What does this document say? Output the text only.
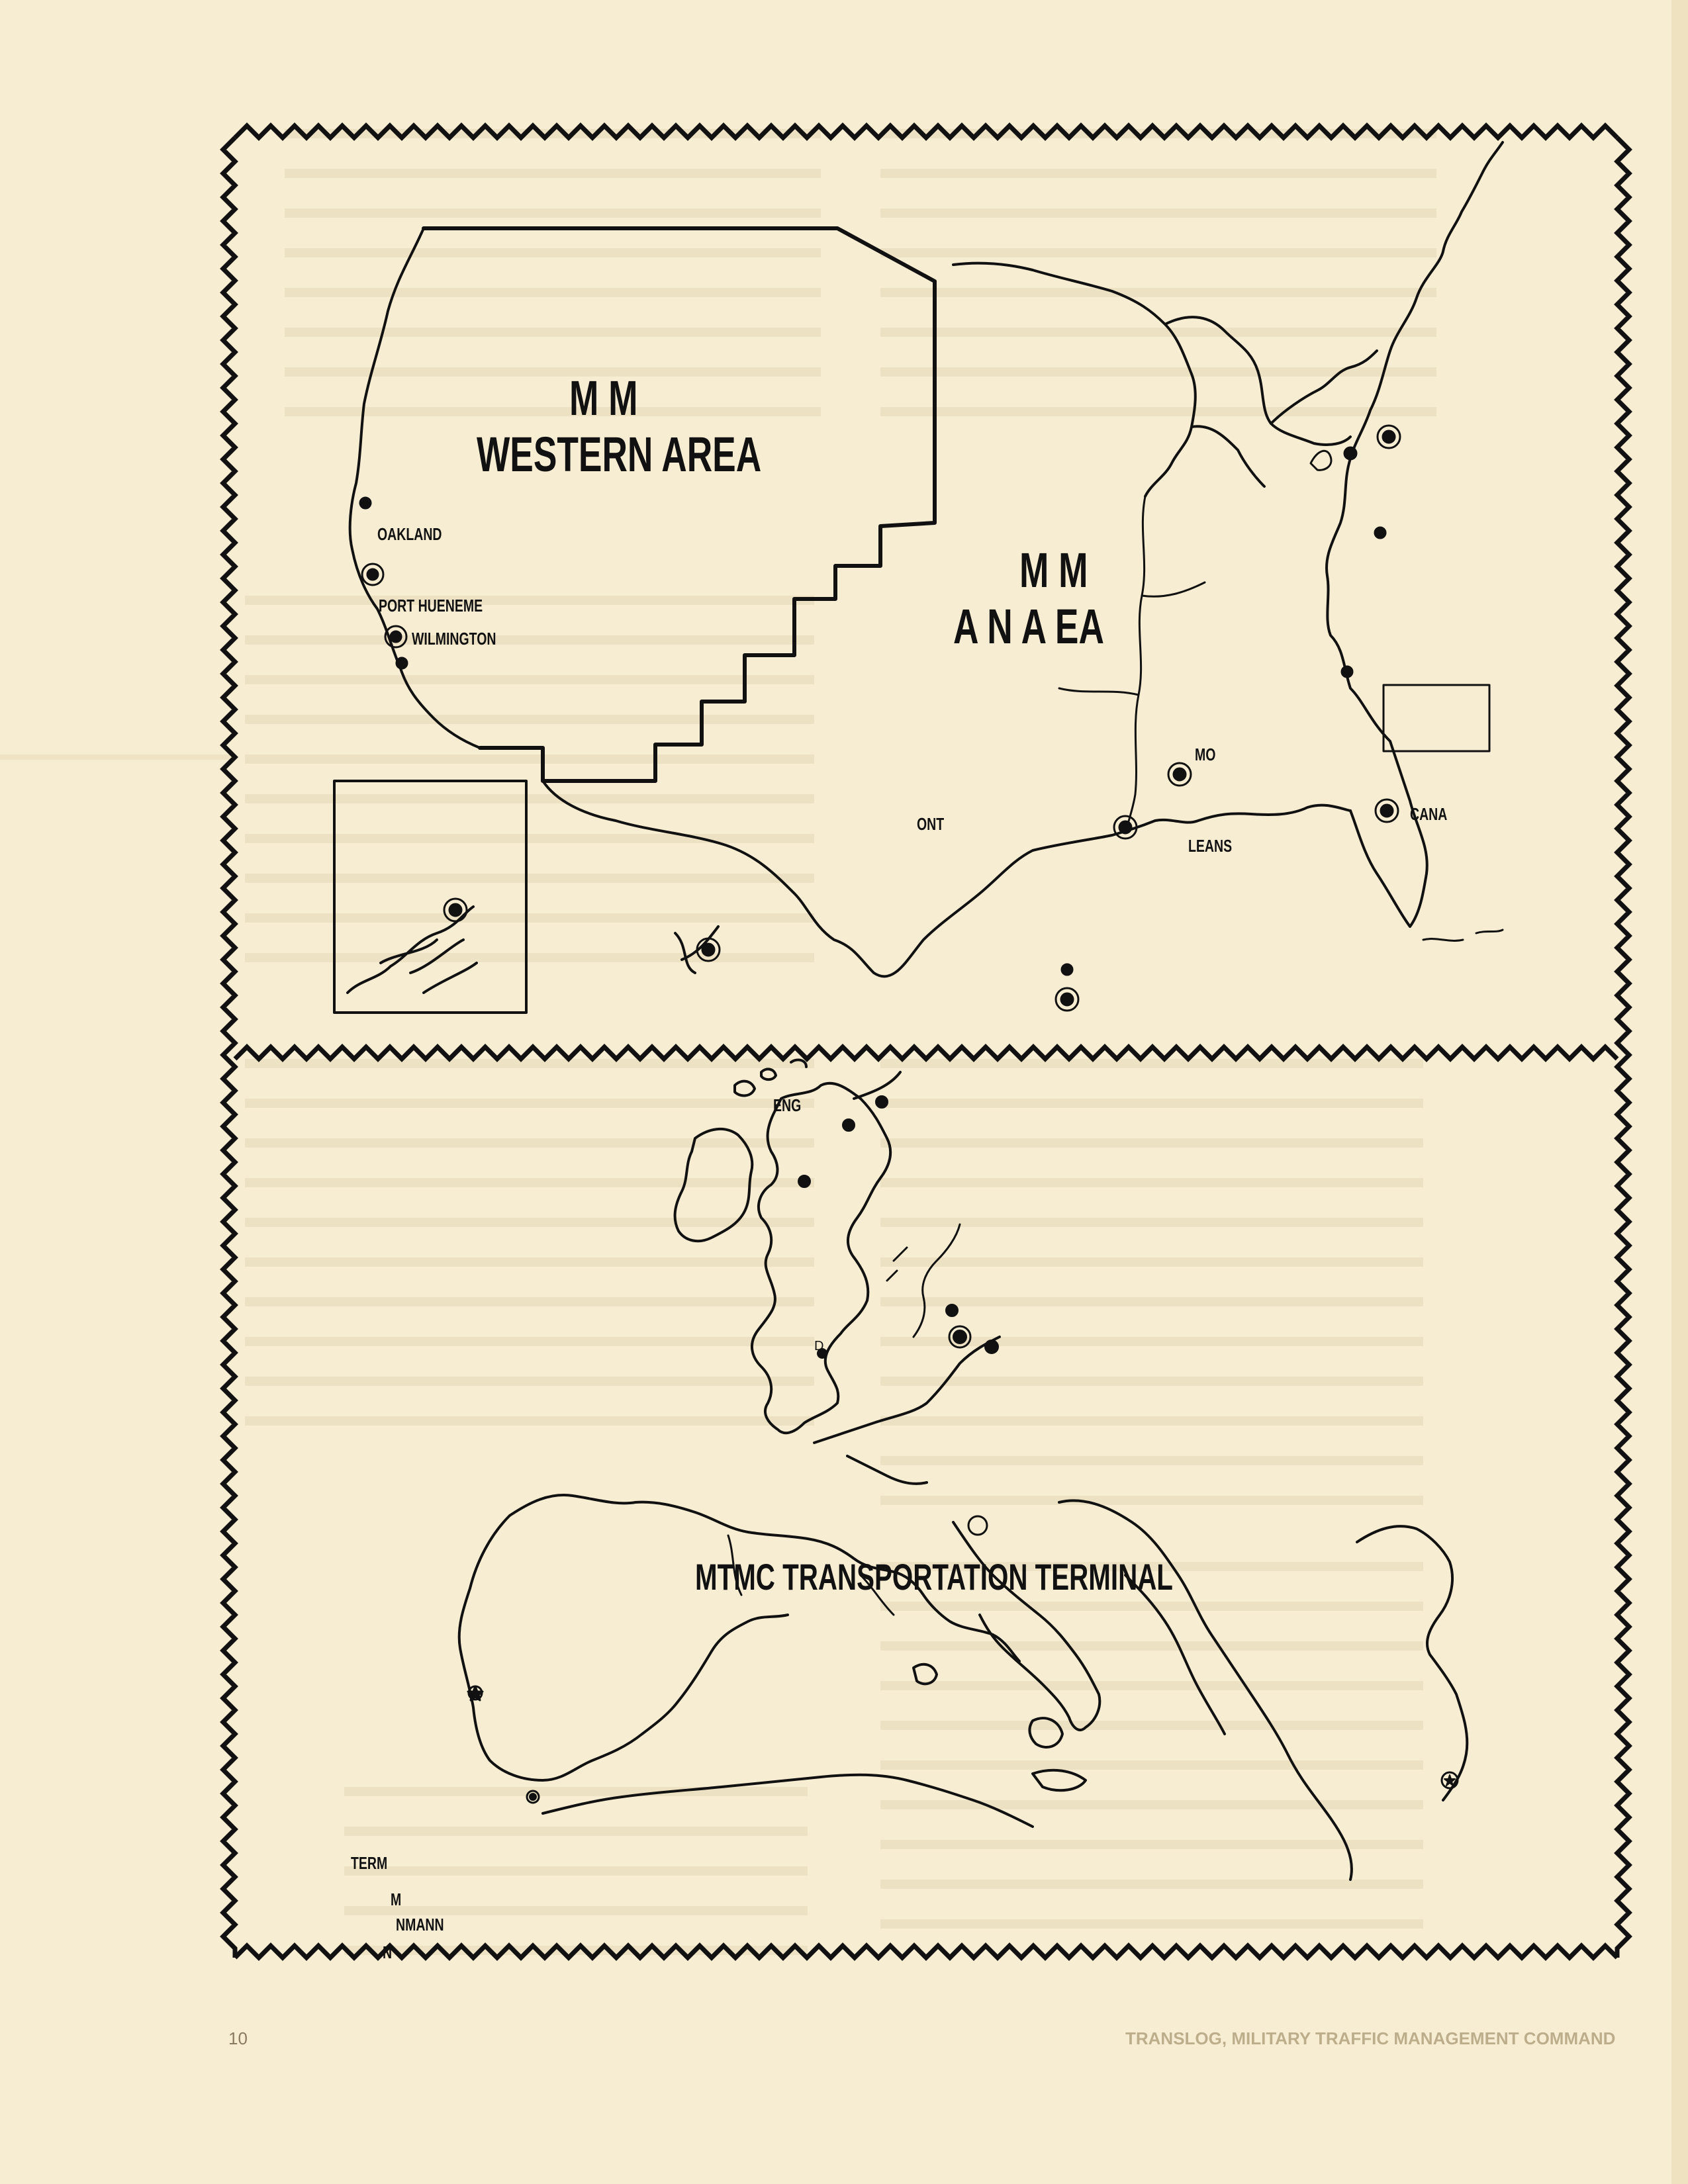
D
M M
WESTERN AREA
OAKLAND
PORT HUENEME
WILMINGTON
M M
A N A EA
MO
ONT
LEANS
CANA
ENG
MTMC TRANSPORTATION TERMINAL
TERM
M
NMANN
N
10	TRANSLOG, MILITARY TRAFFIC MANAGEMENT COMMAND
